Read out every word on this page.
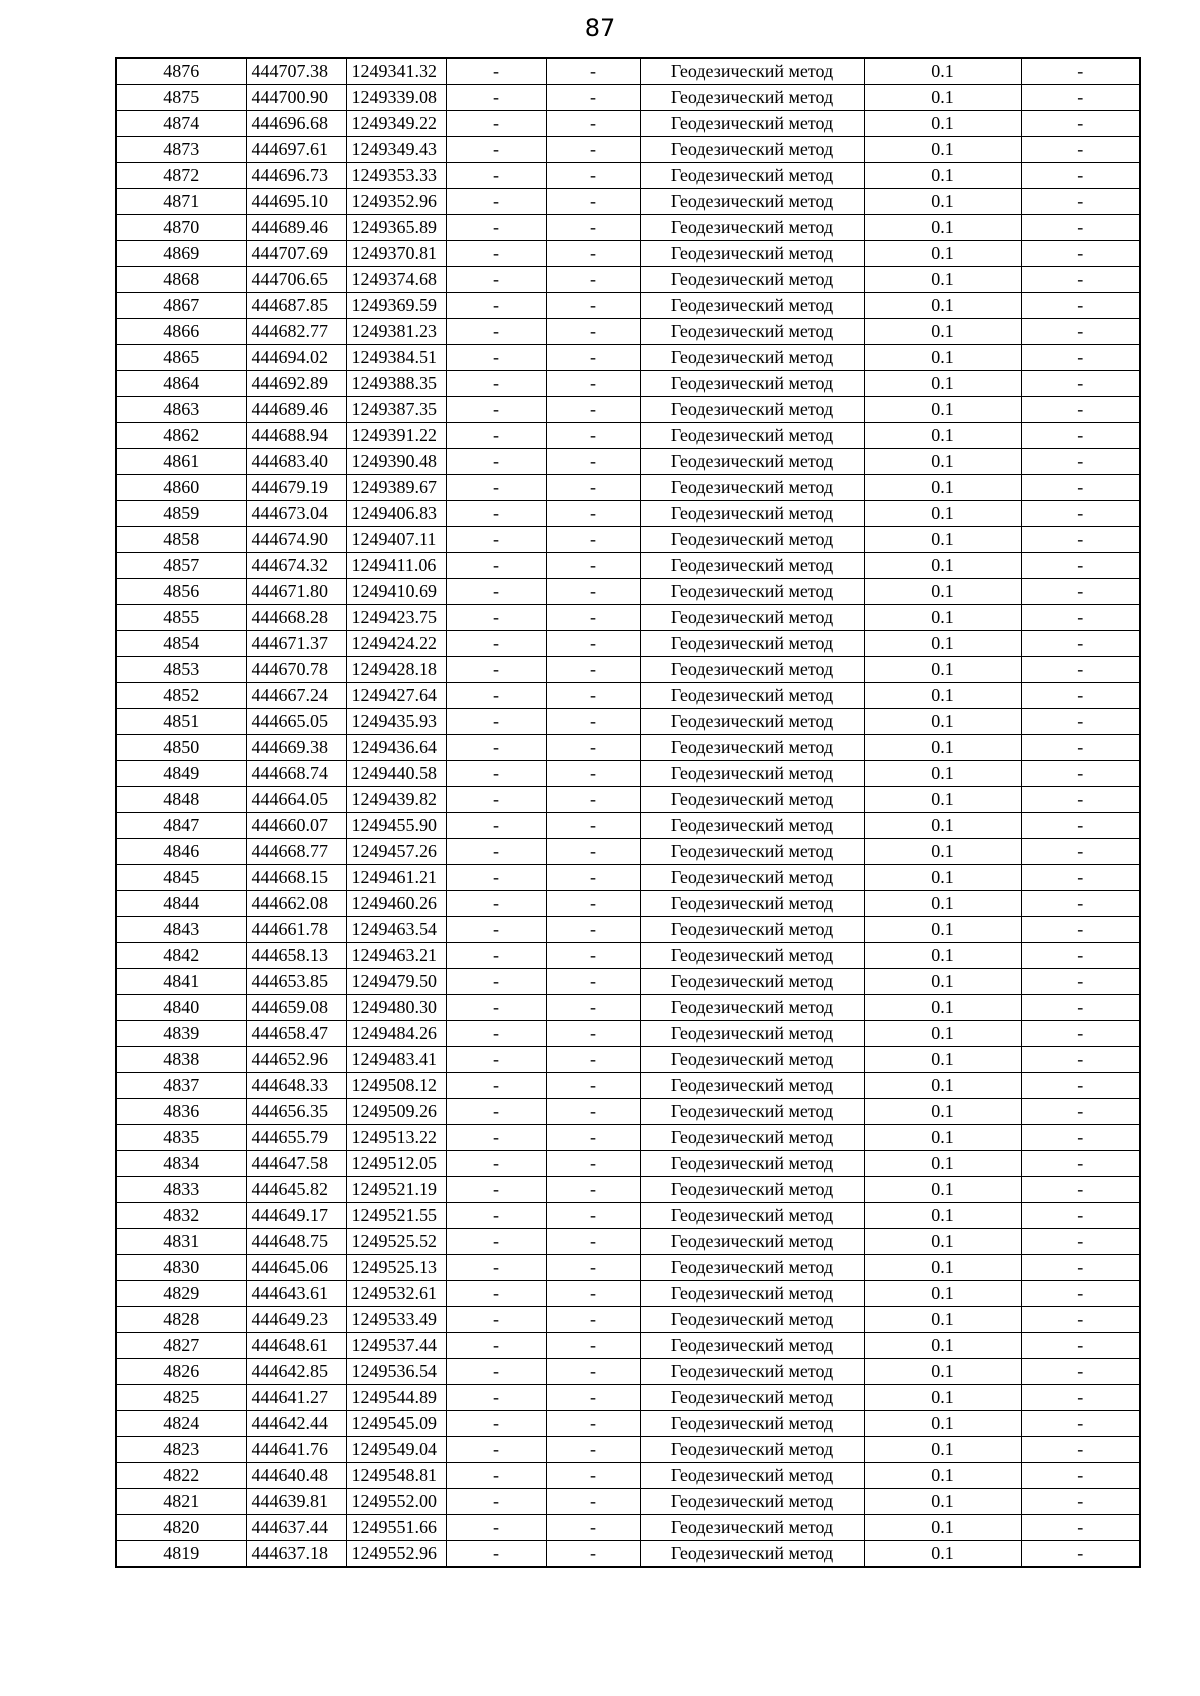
87
4876	444707.38	1249341.32	-	-	Геодезический метод	0.1	-
4875	444700.90	1249339.08	-	-	Геодезический метод	0.1	-
4874	444696.68	1249349.22	-	-	Геодезический метод	0.1	-
4873	444697.61	1249349.43	-	-	Геодезический метод	0.1	-
4872	444696.73	1249353.33	-	-	Геодезический метод	0.1	-
4871	444695.10	1249352.96	-	-	Геодезический метод	0.1	-
4870	444689.46	1249365.89	-	-	Геодезический метод	0.1	-
4869	444707.69	1249370.81	-	-	Геодезический метод	0.1	-
4868	444706.65	1249374.68	-	-	Геодезический метод	0.1	-
4867	444687.85	1249369.59	-	-	Геодезический метод	0.1	-
4866	444682.77	1249381.23	-	-	Геодезический метод	0.1	-
4865	444694.02	1249384.51	-	-	Геодезический метод	0.1	-
4864	444692.89	1249388.35	-	-	Геодезический метод	0.1	-
4863	444689.46	1249387.35	-	-	Геодезический метод	0.1	-
4862	444688.94	1249391.22	-	-	Геодезический метод	0.1	-
4861	444683.40	1249390.48	-	-	Геодезический метод	0.1	-
4860	444679.19	1249389.67	-	-	Геодезический метод	0.1	-
4859	444673.04	1249406.83	-	-	Геодезический метод	0.1	-
4858	444674.90	1249407.11	-	-	Геодезический метод	0.1	-
4857	444674.32	1249411.06	-	-	Геодезический метод	0.1	-
4856	444671.80	1249410.69	-	-	Геодезический метод	0.1	-
4855	444668.28	1249423.75	-	-	Геодезический метод	0.1	-
4854	444671.37	1249424.22	-	-	Геодезический метод	0.1	-
4853	444670.78	1249428.18	-	-	Геодезический метод	0.1	-
4852	444667.24	1249427.64	-	-	Геодезический метод	0.1	-
4851	444665.05	1249435.93	-	-	Геодезический метод	0.1	-
4850	444669.38	1249436.64	-	-	Геодезический метод	0.1	-
4849	444668.74	1249440.58	-	-	Геодезический метод	0.1	-
4848	444664.05	1249439.82	-	-	Геодезический метод	0.1	-
4847	444660.07	1249455.90	-	-	Геодезический метод	0.1	-
4846	444668.77	1249457.26	-	-	Геодезический метод	0.1	-
4845	444668.15	1249461.21	-	-	Геодезический метод	0.1	-
4844	444662.08	1249460.26	-	-	Геодезический метод	0.1	-
4843	444661.78	1249463.54	-	-	Геодезический метод	0.1	-
4842	444658.13	1249463.21	-	-	Геодезический метод	0.1	-
4841	444653.85	1249479.50	-	-	Геодезический метод	0.1	-
4840	444659.08	1249480.30	-	-	Геодезический метод	0.1	-
4839	444658.47	1249484.26	-	-	Геодезический метод	0.1	-
4838	444652.96	1249483.41	-	-	Геодезический метод	0.1	-
4837	444648.33	1249508.12	-	-	Геодезический метод	0.1	-
4836	444656.35	1249509.26	-	-	Геодезический метод	0.1	-
4835	444655.79	1249513.22	-	-	Геодезический метод	0.1	-
4834	444647.58	1249512.05	-	-	Геодезический метод	0.1	-
4833	444645.82	1249521.19	-	-	Геодезический метод	0.1	-
4832	444649.17	1249521.55	-	-	Геодезический метод	0.1	-
4831	444648.75	1249525.52	-	-	Геодезический метод	0.1	-
4830	444645.06	1249525.13	-	-	Геодезический метод	0.1	-
4829	444643.61	1249532.61	-	-	Геодезический метод	0.1	-
4828	444649.23	1249533.49	-	-	Геодезический метод	0.1	-
4827	444648.61	1249537.44	-	-	Геодезический метод	0.1	-
4826	444642.85	1249536.54	-	-	Геодезический метод	0.1	-
4825	444641.27	1249544.89	-	-	Геодезический метод	0.1	-
4824	444642.44	1249545.09	-	-	Геодезический метод	0.1	-
4823	444641.76	1249549.04	-	-	Геодезический метод	0.1	-
4822	444640.48	1249548.81	-	-	Геодезический метод	0.1	-
4821	444639.81	1249552.00	-	-	Геодезический метод	0.1	-
4820	444637.44	1249551.66	-	-	Геодезический метод	0.1	-
4819	444637.18	1249552.96	-	-	Геодезический метод	0.1	-
